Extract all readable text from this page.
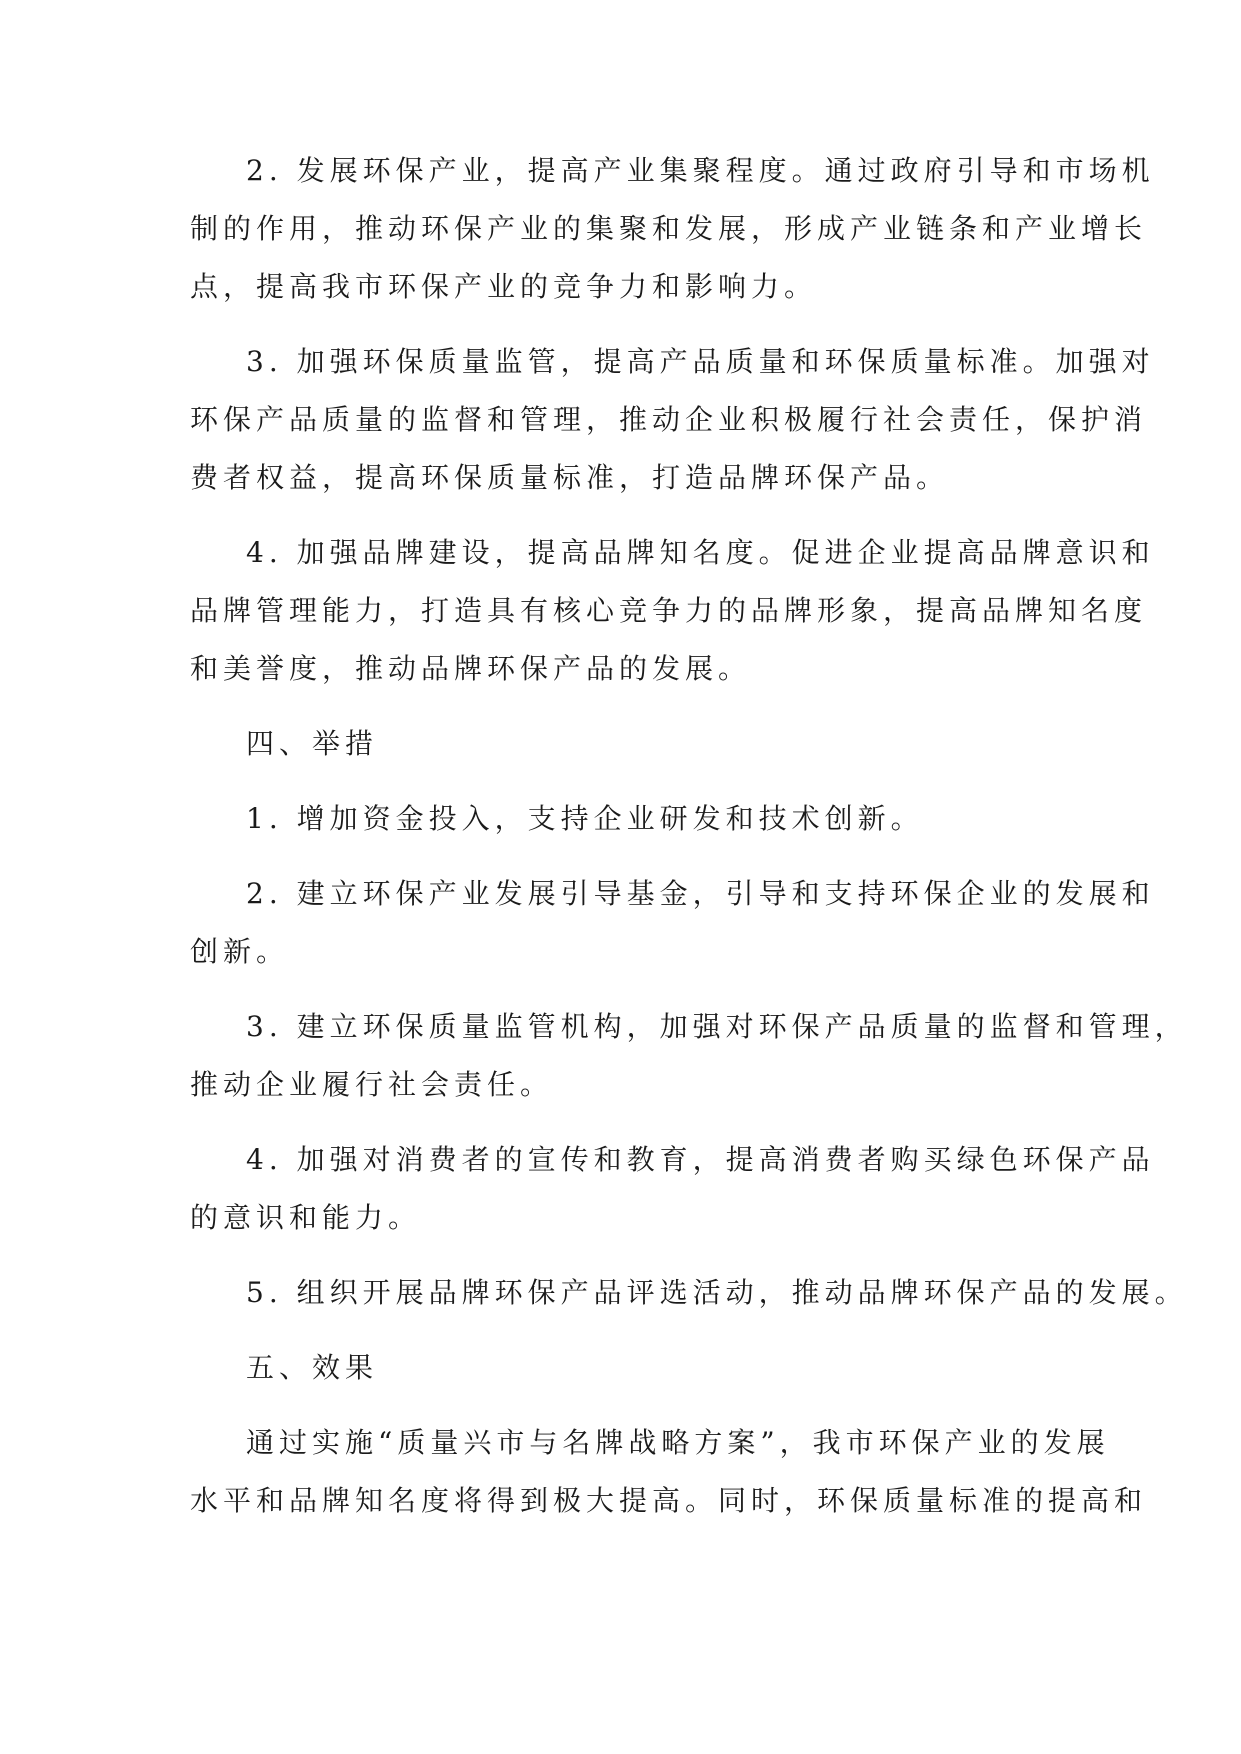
2. 发展环保产业，提高产业集聚程度。通过政府引导和市场机
制的作用，推动环保产业的集聚和发展，形成产业链条和产业增长
点，提高我市环保产业的竞争力和影响力。
3. 加强环保质量监管，提高产品质量和环保质量标准。加强对
环保产品质量的监督和管理，推动企业积极履行社会责任，保护消
费者权益，提高环保质量标准，打造品牌环保产品。
4. 加强品牌建设，提高品牌知名度。促进企业提高品牌意识和
品牌管理能力，打造具有核心竞争力的品牌形象，提高品牌知名度
和美誉度，推动品牌环保产品的发展。
四、举措
1. 增加资金投入，支持企业研发和技术创新。
2. 建立环保产业发展引导基金，引导和支持环保企业的发展和
创新。
3. 建立环保质量监管机构，加强对环保产品质量的监督和管理，
推动企业履行社会责任。
4. 加强对消费者的宣传和教育，提高消费者购买绿色环保产品
的意识和能力。
5. 组织开展品牌环保产品评选活动，推动品牌环保产品的发展。
五、效果
通过实施“质量兴市与名牌战略方案”，我市环保产业的发展
水平和品牌知名度将得到极大提高。同时，环保质量标准的提高和
